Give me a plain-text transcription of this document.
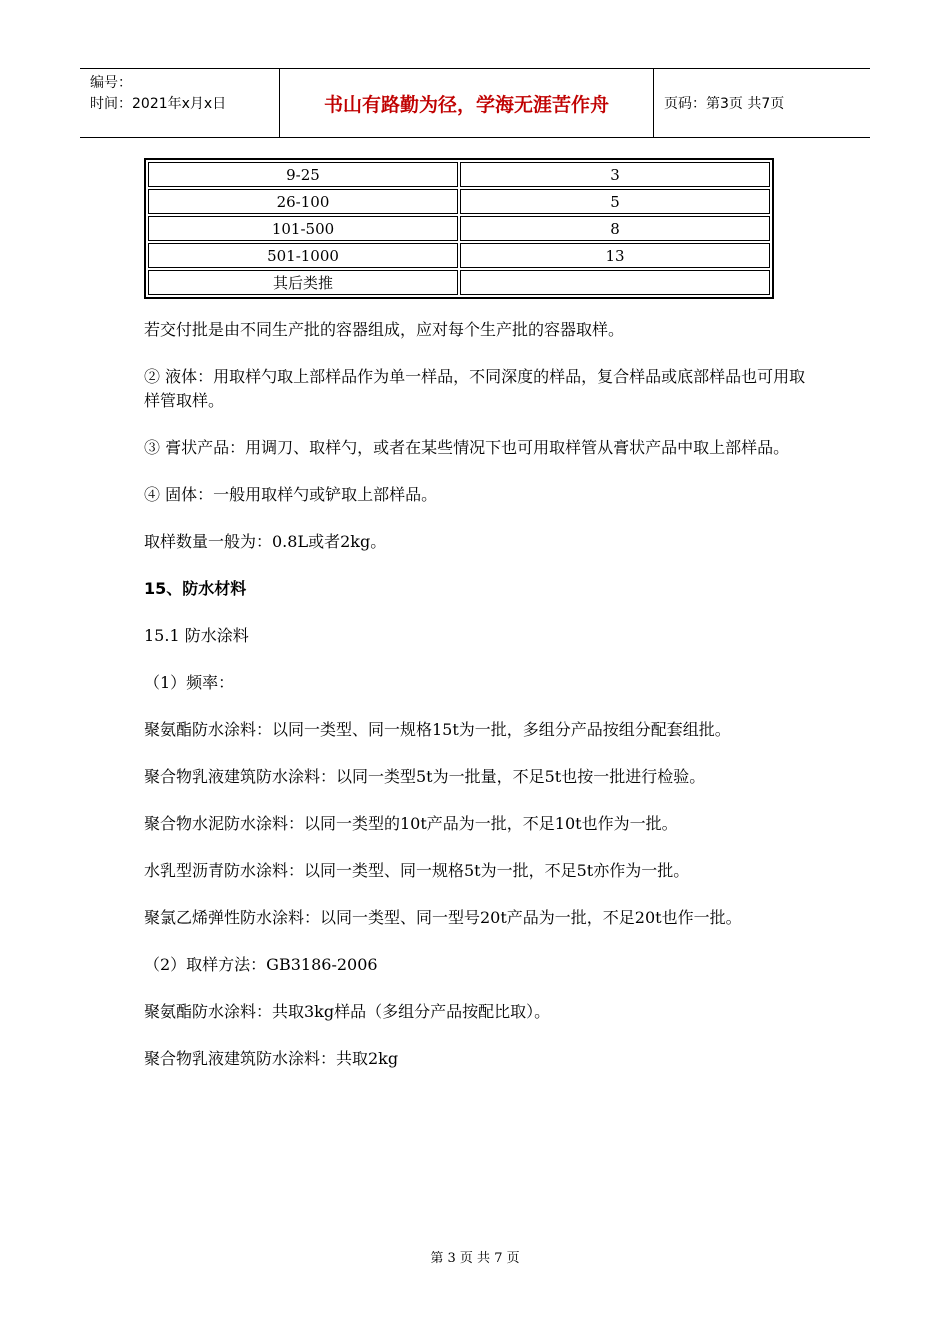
编号：
时间：2021年x月x日	书山有路勤为径，学海无涯苦作舟	页码：第3页 共7页
9-25	3
26-100	5
101-500	8
501-1000	13
其后类推	

若交付批是由不同生产批的容器组成，应对每个生产批的容器取样。

② 液体：用取样勺取上部样品作为单一样品，不同深度的样品，复合样品或底部样品也可用取样管取样。

③ 膏状产品：用调刀、取样勺，或者在某些情况下也可用取样管从膏状产品中取上部样品。

④ 固体：一般用取样勺或铲取上部样品。

取样数量一般为：0.8L或者2kg。

15、防水材料

15.1 防水涂料

（1）频率：

聚氨酯防水涂料：以同一类型、同一规格15t为一批，多组分产品按组分配套组批。

聚合物乳液建筑防水涂料：以同一类型5t为一批量，不足5t也按一批进行检验。

聚合物水泥防水涂料：以同一类型的10t产品为一批，不足10t也作为一批。

水乳型沥青防水涂料：以同一类型、同一规格5t为一批，不足5t亦作为一批。

聚氯乙烯弹性防水涂料：以同一类型、同一型号20t产品为一批，不足20t也作一批。

（2）取样方法：GB3186-2006

聚氨酯防水涂料：共取3kg样品（多组分产品按配比取）。

聚合物乳液建筑防水涂料：共取2kg

第 3 页 共 7 页
